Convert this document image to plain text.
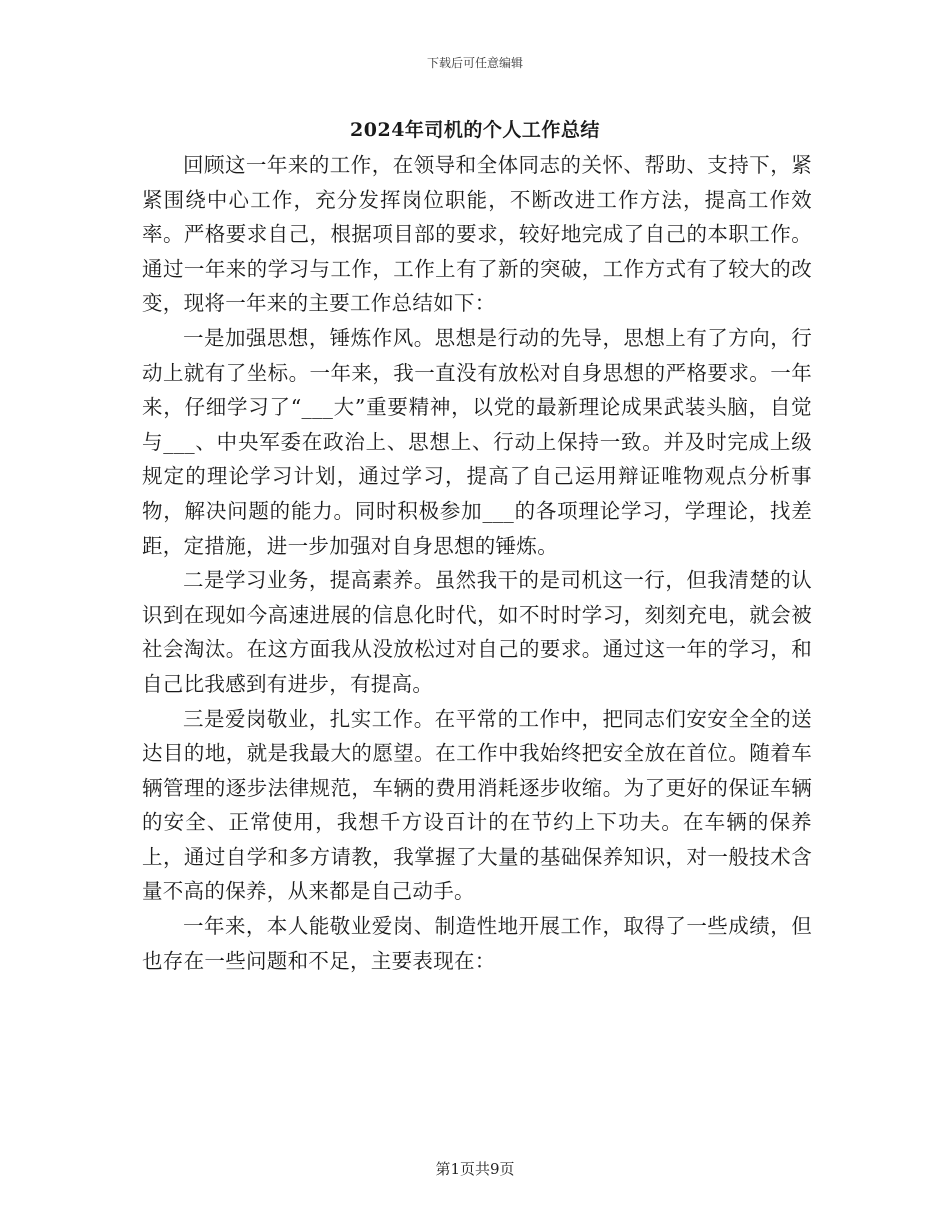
下载后可任意编辑
2024年司机的个人工作总结

回顾这一年来的工作，在领导和全体同志的关怀、帮助、支持下，紧紧围绕中心工作，充分发挥岗位职能，不断改进工作方法，提高工作效率。严格要求自己，根据项目部的要求，较好地完成了自己的本职工作。通过一年来的学习与工作，工作上有了新的突破，工作方式有了较大的改变，现将一年来的主要工作总结如下：

一是加强思想，锤炼作风。思想是行动的先导，思想上有了方向，行动上就有了坐标。一年来，我一直没有放松对自身思想的严格要求。一年来，仔细学习了“___大”重要精神，以党的最新理论成果武装头脑，自觉与___、中央军委在政治上、思想上、行动上保持一致。并及时完成上级规定的理论学习计划，通过学习，提高了自己运用辩证唯物观点分析事物，解决问题的能力。同时积极参加___的各项理论学习，学理论，找差距，定措施，进一步加强对自身思想的锤炼。

二是学习业务，提高素养。虽然我干的是司机这一行，但我清楚的认识到在现如今高速进展的信息化时代，如不时时学习，刻刻充电，就会被社会淘汰。在这方面我从没放松过对自己的要求。通过这一年的学习，和自己比我感到有进步，有提高。

三是爱岗敬业，扎实工作。在平常的工作中，把同志们安安全全的送达目的地，就是我最大的愿望。在工作中我始终把安全放在首位。随着车辆管理的逐步法律规范，车辆的费用消耗逐步收缩。为了更好的保证车辆的安全、正常使用，我想千方设百计的在节约上下功夫。在车辆的保养上，通过自学和多方请教，我掌握了大量的基础保养知识，对一般技术含量不高的保养，从来都是自己动手。

一年来，本人能敬业爱岗、制造性地开展工作，取得了一些成绩，但也存在一些问题和不足，主要表现在：

第1页共9页
